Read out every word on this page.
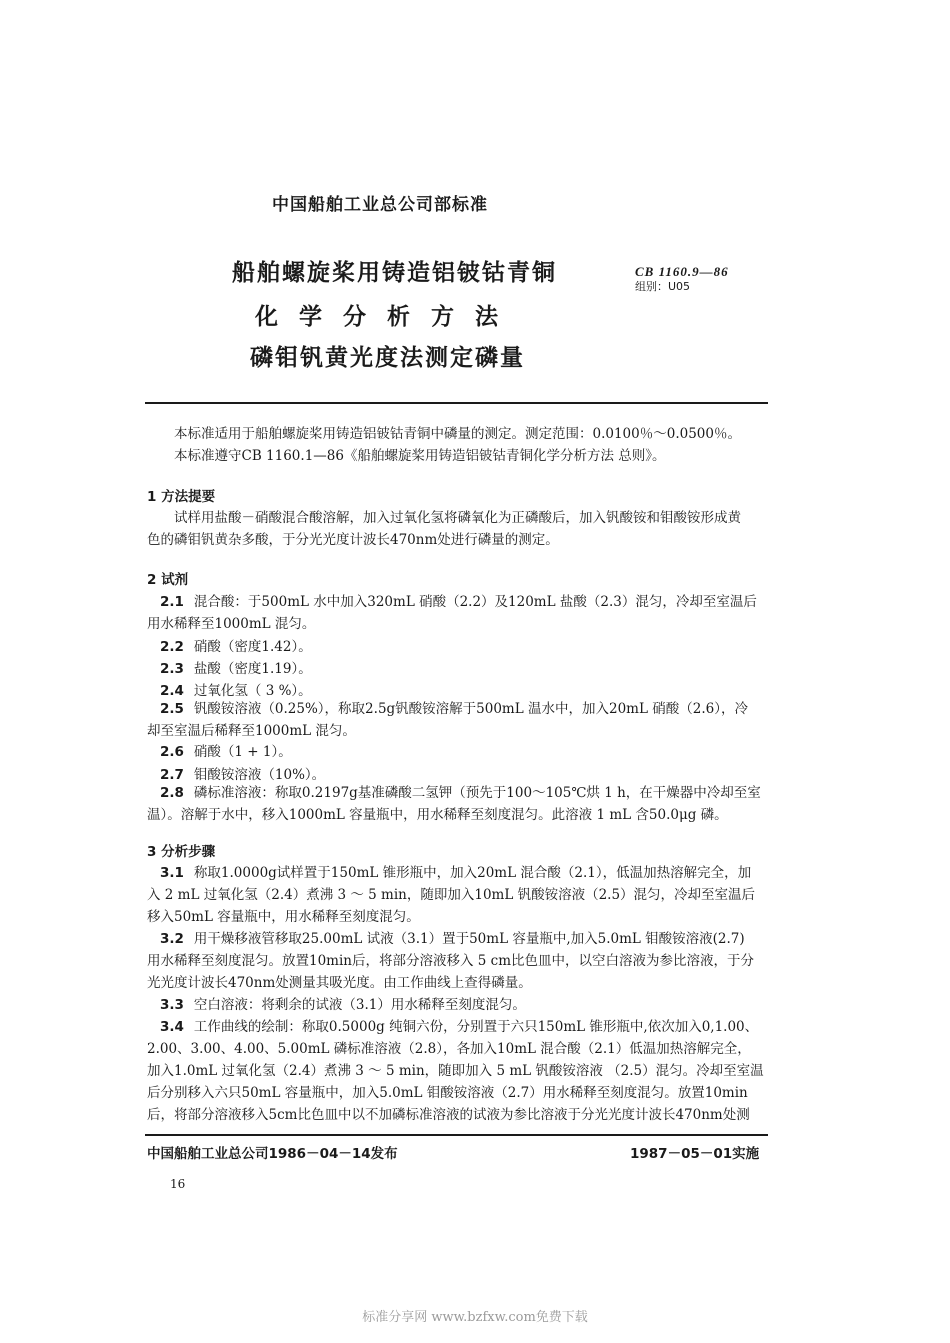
中国船舶工业总公司部标准
船舶螺旋桨用铸造铝铍钴青铜
化学分析方法
磷钼钒黄光度法测定磷量
CB 1160.9—86
组别：U05
本标准适用于船舶螺旋桨用铸造铝铍钴青铜中磷量的测定。测定范围：0.0100％～0.0500％。
本标准遵守CB 1160.1—86《船舶螺旋桨用铸造铝铍钴青铜化学分析方法 总则》。
1 方法提要
试样用盐酸－硝酸混合酸溶解，加入过氧化氢将磷氧化为正磷酸后，加入钒酸铵和钼酸铵形成黄
色的磷钼钒黄杂多酸，于分光光度计波长470nm处进行磷量的测定。
2 试剂
2.1 混合酸：于500mL 水中加入320mL 硝酸（2.2）及120mL 盐酸（2.3）混匀，冷却至室温后
用水稀释至1000mL 混匀。
2.2 硝酸（密度1.42）。
2.3 盐酸（密度1.19）。
2.4 过氧化氢（ 3 %）。
2.5 钒酸铵溶液（0.25%），称取2.5g钒酸铵溶解于500mL 温水中，加入20mL 硝酸（2.6），冷
却至室温后稀释至1000mL 混匀。
2.6 硝酸（1 + 1）。
2.7 钼酸铵溶液（10%）。
2.8 磷标准溶液：称取0.2197g基准磷酸二氢钾（预先于100～105℃烘 1 h，在干燥器中冷却至室
温）。溶解于水中，移入1000mL 容量瓶中，用水稀释至刻度混匀。此溶液 1 mL 含50.0μg 磷。
3 分析步骤
3.1 称取1.0000g试样置于150mL 锥形瓶中，加入20mL 混合酸（2.1），低温加热溶解完全，加
入 2 mL 过氧化氢（2.4）煮沸 3 ～ 5 min，随即加入10mL 钒酸铵溶液（2.5）混匀，冷却至室温后
移入50mL 容量瓶中，用水稀释至刻度混匀。
3.2 用干燥移液管移取25.00mL 试液（3.1）置于50mL 容量瓶中,加入5.0mL 钼酸铵溶液(2.7)
用水稀释至刻度混匀。放置10min后，将部分溶液移入 5 cm比色皿中，以空白溶液为参比溶液，于分
光光度计波长470nm处测量其吸光度。由工作曲线上查得磷量。
3.3 空白溶液：将剩余的试液（3.1）用水稀释至刻度混匀。
3.4 工作曲线的绘制：称取0.5000g 纯铜六份，分别置于六只150mL 锥形瓶中,依次加入0,1.00、
2.00、3.00、4.00、5.00mL 磷标准溶液（2.8），各加入10mL 混合酸（2.1）低温加热溶解完全，
加入1.0mL 过氧化氢（2.4）煮沸 3 ～ 5 min，随即加入 5 mL 钒酸铵溶液 （2.5）混匀。冷却至室温
后分别移入六只50mL 容量瓶中，加入5.0mL 钼酸铵溶液（2.7）用水稀释至刻度混匀。放置10min
后，将部分溶液移入5cm比色皿中以不加磷标准溶液的试液为参比溶液于分光光度计波长470nm处测
中国船舶工业总公司1986－04－14发布	1987－05－01实施
16
标准分享网 www.bzfxw.com免费下载
